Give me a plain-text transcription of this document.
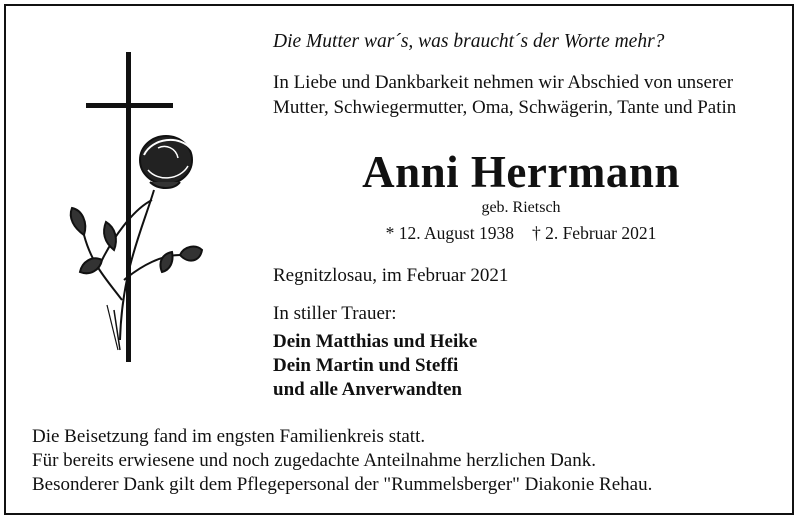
Die Mutter war´s, was braucht´s der Worte mehr?
In Liebe und Dankbarkeit nehmen wir Abschied von unserer Mutter, Schwiegermutter, Oma, Schwägerin, Tante und Patin
Anni Herrmann
geb. Rietsch
* 12. August 1938 † 2. Februar 2021
Regnitzlosau, im Februar 2021
In stiller Trauer:
Dein Matthias und Heike
Dein Martin und Steffi
und alle Anverwandten
Die Beisetzung fand im engsten Familienkreis statt.
Für bereits erwiesene und noch zugedachte Anteilnahme herzlichen Dank.
Besonderer Dank gilt dem Pflegepersonal der "Rummelsberger" Diakonie Rehau.
